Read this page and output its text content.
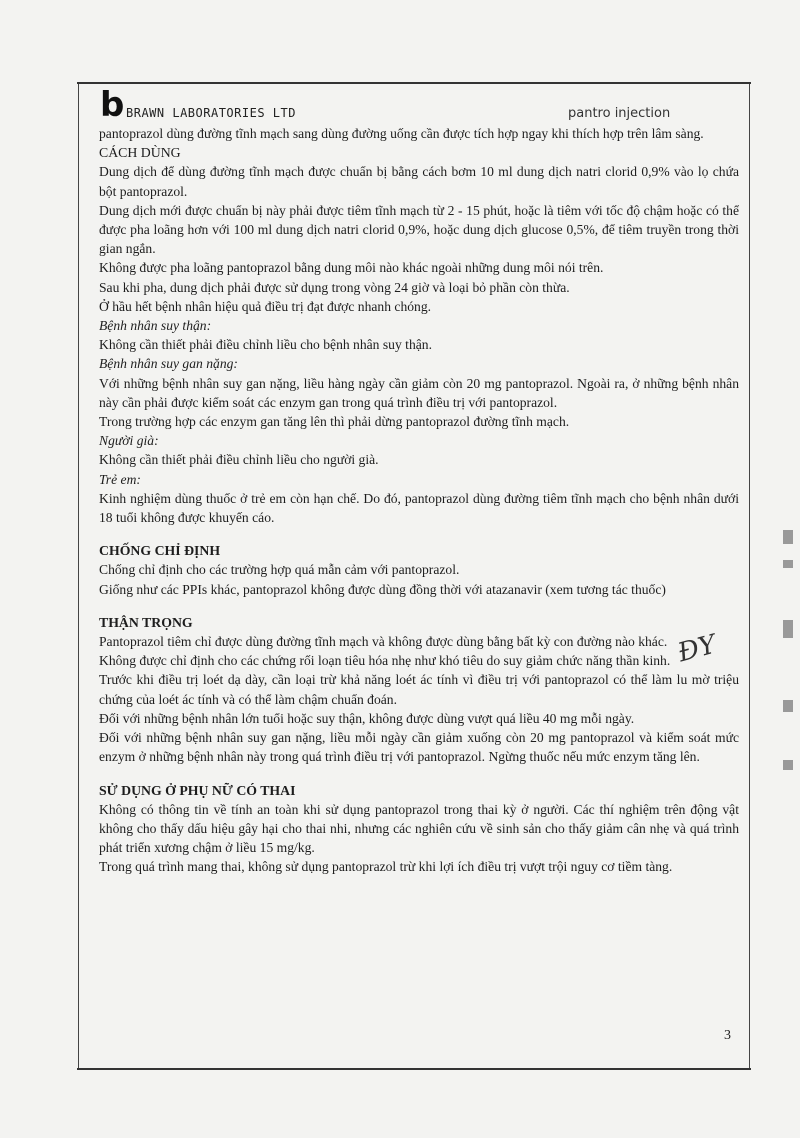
b BRAWN LABORATORIES LTD	pantro injection

pantoprazol dùng đường tĩnh mạch sang dùng đường uống cần được tích hợp ngay khi thích hợp trên lâm sàng.

CÁCH DÙNG

Dung dịch để dùng đường tĩnh mạch được chuẩn bị bằng cách bơm 10 ml dung dịch natri clorid 0,9% vào lọ chứa bột pantoprazol.

Dung dịch mới được chuẩn bị này phải được tiêm tĩnh mạch từ 2 - 15 phút, hoặc là tiêm với tốc độ chậm hoặc có thể được pha loãng hơn với 100 ml dung dịch natri clorid 0,9%, hoặc dung dịch glucose 0,5%, để tiêm truyền trong thời gian ngắn.

Không được pha loãng pantoprazol bằng dung môi nào khác ngoài những dung môi nói trên.

Sau khi pha, dung dịch phải được sử dụng trong vòng 24 giờ và loại bỏ phần còn thừa.

Ở hầu hết bệnh nhân hiệu quả điều trị đạt được nhanh chóng.

Bệnh nhân suy thận:

Không cần thiết phải điều chỉnh liều cho bệnh nhân suy thận.

Bệnh nhân suy gan nặng:

Với những bệnh nhân suy gan nặng, liều hàng ngày cần giảm còn 20 mg pantoprazol. Ngoài ra, ở những bệnh nhân này cần phải được kiểm soát các enzym gan trong quá trình điều trị với pantoprazol.

Trong trường hợp các enzym gan tăng lên thì phải dừng pantoprazol đường tĩnh mạch.

Người già:

Không cần thiết phải điều chỉnh liều cho người già.

Trẻ em:

Kinh nghiệm dùng thuốc ở trẻ em còn hạn chế. Do đó, pantoprazol dùng đường tiêm tĩnh mạch cho bệnh nhân dưới 18 tuổi không được khuyến cáo.

CHỐNG CHỈ ĐỊNH

Chống chỉ định cho các trường hợp quá mẫn cảm với pantoprazol.

Giống như các PPIs khác, pantoprazol không được dùng đồng thời với atazanavir (xem tương tác thuốc)

THẬN TRỌNG

Pantoprazol tiêm chỉ được dùng đường tĩnh mạch và không được dùng bằng bất kỳ con đường nào khác.

Không được chỉ định cho các chứng rối loạn tiêu hóa nhẹ như khó tiêu do suy giảm chức năng thần kinh.

Trước khi điều trị loét dạ dày, cần loại trừ khả năng loét ác tính vì điều trị với pantoprazol có thể làm lu mờ triệu chứng của loét ác tính và có thể làm chậm chuẩn đoán.

Đối với những bệnh nhân lớn tuổi hoặc suy thận, không được dùng vượt quá liều 40 mg mỗi ngày.

Đối với những bệnh nhân suy gan nặng, liều mỗi ngày cần giảm xuống còn 20 mg pantoprazol và kiểm soát mức enzym ở những bệnh nhân này trong quá trình điều trị với pantoprazol. Ngừng thuốc nếu mức enzym tăng lên.

SỬ DỤNG Ở PHỤ NỮ CÓ THAI

Không có thông tin về tính an toàn khi sử dụng pantoprazol trong thai kỳ ở người. Các thí nghiệm trên động vật không cho thấy dấu hiệu gây hại cho thai nhi, nhưng các nghiên cứu về sinh sản cho thấy giảm cân nhẹ và quá trình phát triển xương chậm ở liều 15 mg/kg.

Trong quá trình mang thai, không sử dụng pantoprazol trừ khi lợi ích điều trị vượt trội nguy cơ tiềm tàng.

ĐY
3
